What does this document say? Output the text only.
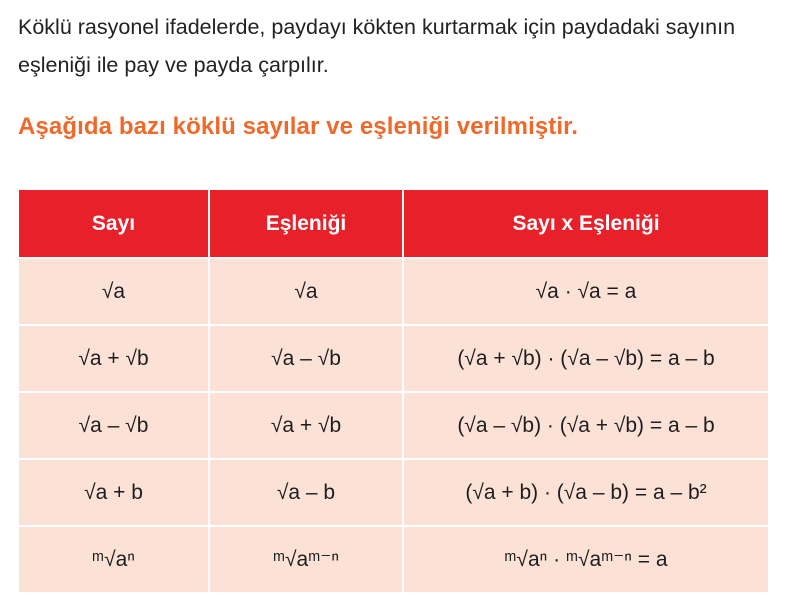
Köklü rasyonel ifadelerde, paydayı kökten kurtarmak için paydadaki sayının eşleniği ile pay ve payda çarpılır.
Aşağıda bazı köklü sayılar ve eşleniği verilmiştir.
Sayı	Eşleniği	Sayı x Eşleniği
√a	√a	√a · √a = a
√a + √b	√a – √b	(√a + √b) · (√a – √b) = a – b
√a – √b	√a + √b	(√a – √b) · (√a + √b) = a – b
√a + b	√a – b	(√a + b) · (√a – b) = a – b²
ᵐ√aⁿ	ᵐ√aᵐ⁻ⁿ	ᵐ√aⁿ · ᵐ√aᵐ⁻ⁿ = a
